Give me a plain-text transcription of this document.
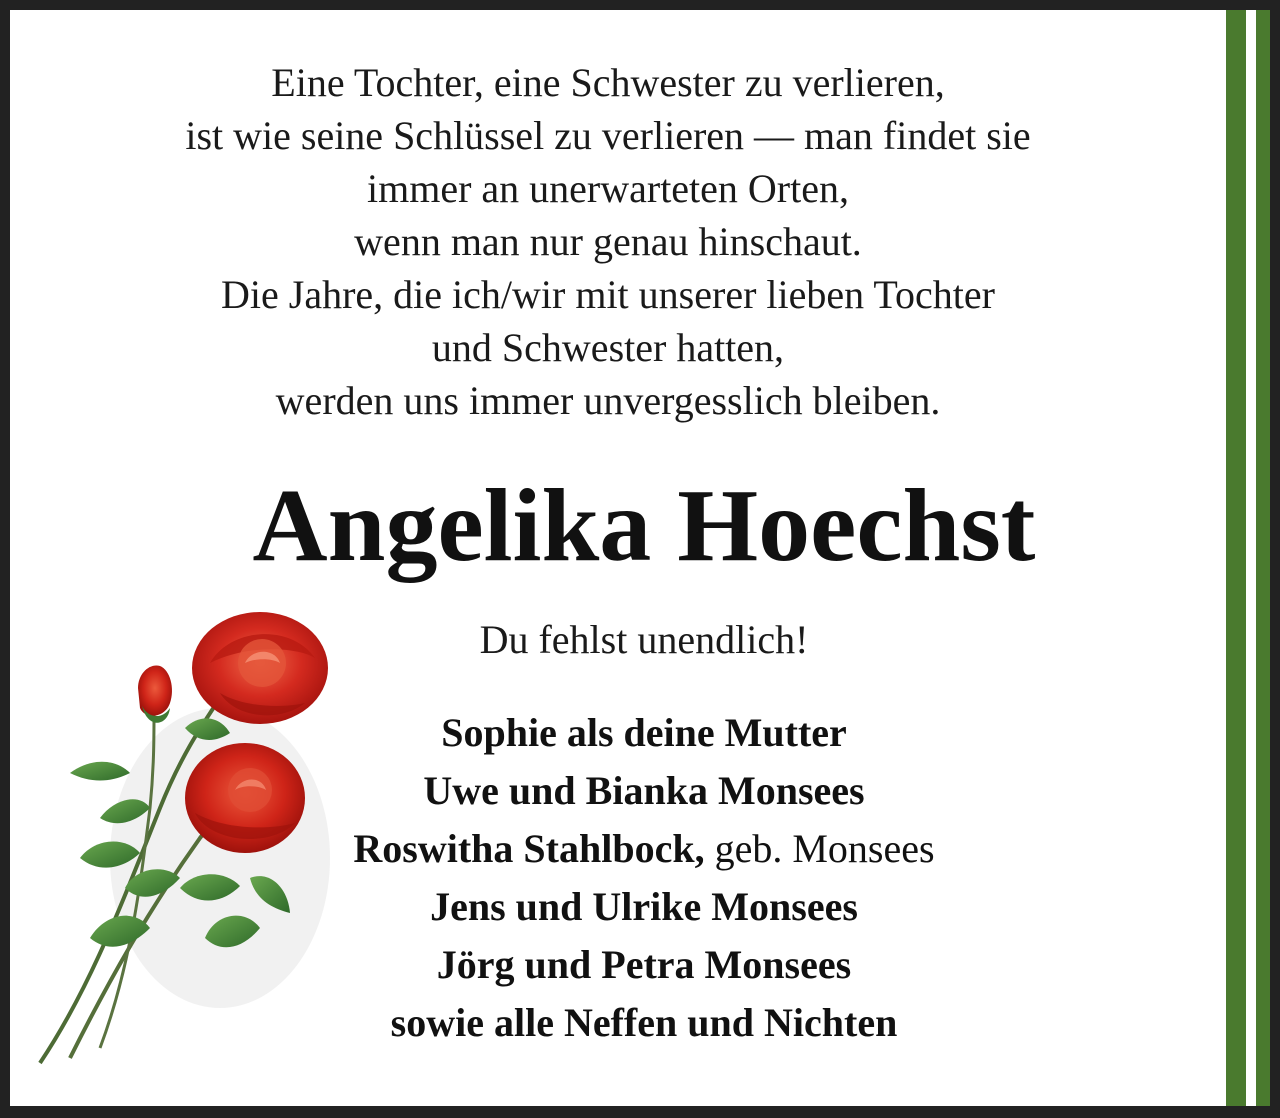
Eine Tochter, eine Schwester zu verlieren,
ist wie seine Schlüssel zu verlieren — man findet sie
immer an unerwarteten Orten,
wenn man nur genau hinschaut.
Die Jahre, die ich/wir mit unserer lieben Tochter
und Schwester hatten,
werden uns immer unvergesslich bleiben.
Angelika Hoechst
Du fehlst unendlich!
Sophie als deine Mutter
Uwe und Bianka Monsees
Roswitha Stahlbock, geb. Monsees
Jens und Ulrike Monsees
Jörg und Petra Monsees
sowie alle Neffen und Nichten
